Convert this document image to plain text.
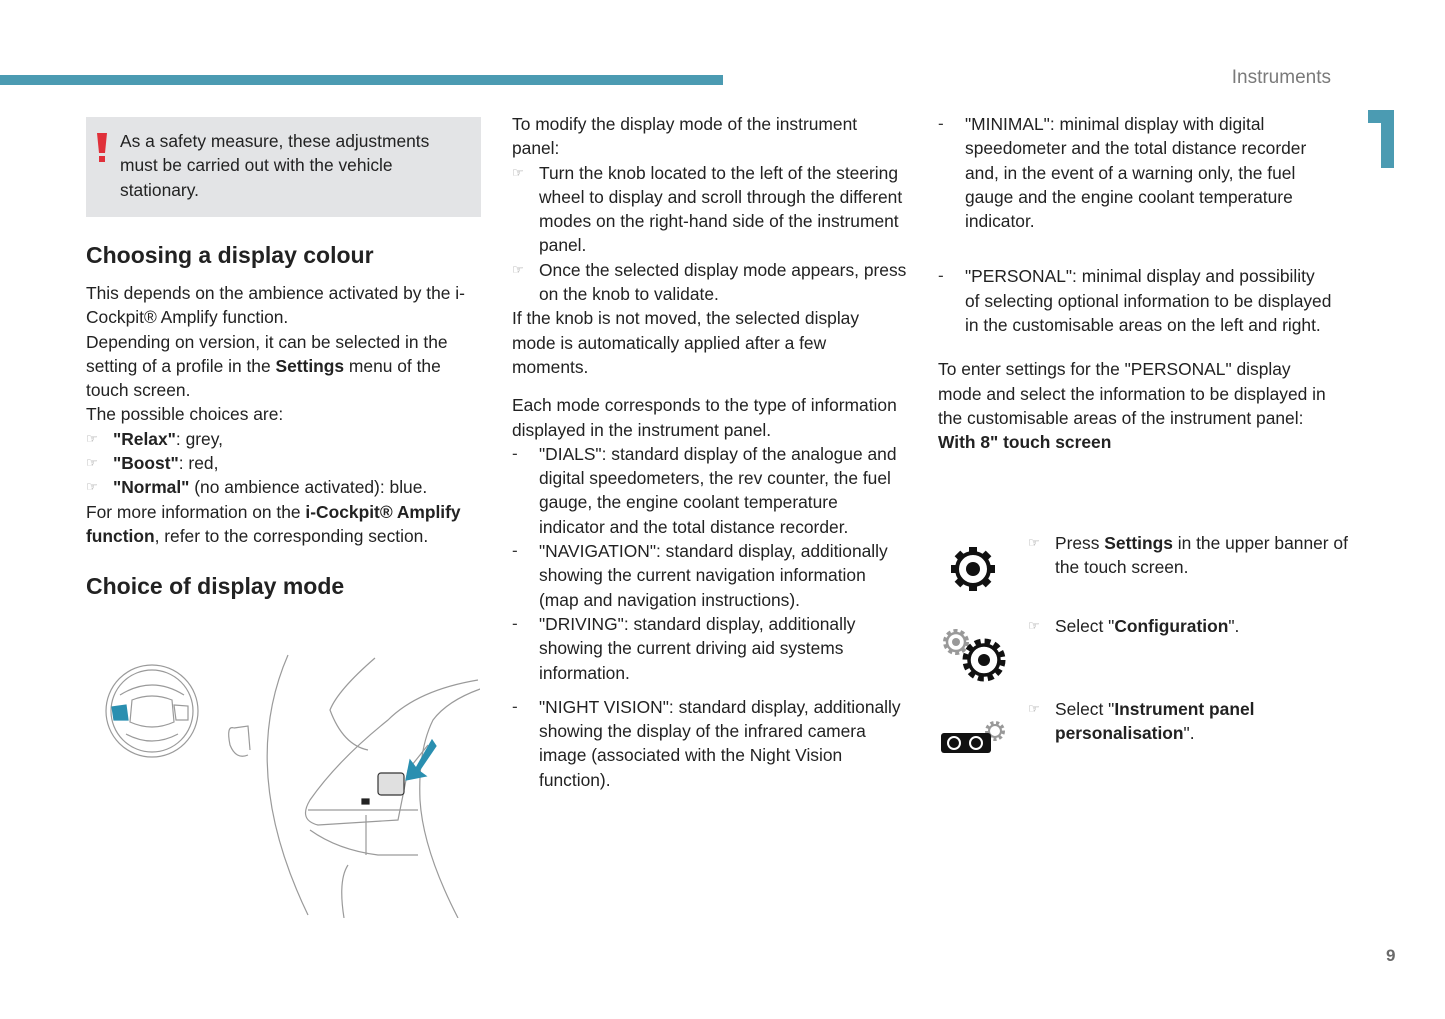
Instruments
9

As a safety measure, these adjustments must be carried out with the vehicle stationary.

Choosing a display colour

This depends on the ambience activated by the i-Cockpit® Amplify function.

Depending on version, it can be selected in the setting of a profile in the Settings menu of the touch screen.

The possible choices are:

☞ "Relax": grey,
☞ "Boost": red,
☞ "Normal" (no ambience activated): blue.

For more information on the i-Cockpit® Amplify function, refer to the corresponding section.

Choice of display mode

To modify the display mode of the instrument panel:

☞ Turn the knob located to the left of the steering wheel to display and scroll through the different modes on the right-hand side of the instrument panel.
☞ Once the selected display mode appears, press on the knob to validate.

If the knob is not moved, the selected display mode is automatically applied after a few moments.

Each mode corresponds to the type of information displayed in the instrument panel.

- "DIALS": standard display of the analogue and digital speedometers, the rev counter, the fuel gauge, the engine coolant temperature indicator and the total distance recorder.
- "NAVIGATION": standard display, additionally showing the current navigation information (map and navigation instructions).
- "DRIVING": standard display, additionally showing the current driving aid systems information.
- "NIGHT VISION": standard display, additionally showing the display of the infrared camera image (associated with the Night Vision function).
- "MINIMAL": minimal display with digital speedometer and the total distance recorder and, in the event of a warning only, the fuel gauge and the engine coolant temperature indicator.
- "PERSONAL": minimal display and possibility of selecting optional information to be displayed in the customisable areas on the left and right.

To enter settings for the "PERSONAL" display mode and select the information to be displayed in the customisable areas of the instrument panel:

With 8" touch screen

☞ Press Settings in the upper banner of the touch screen.
☞ Select "Configuration".
☞ Select "Instrument panel personalisation".
